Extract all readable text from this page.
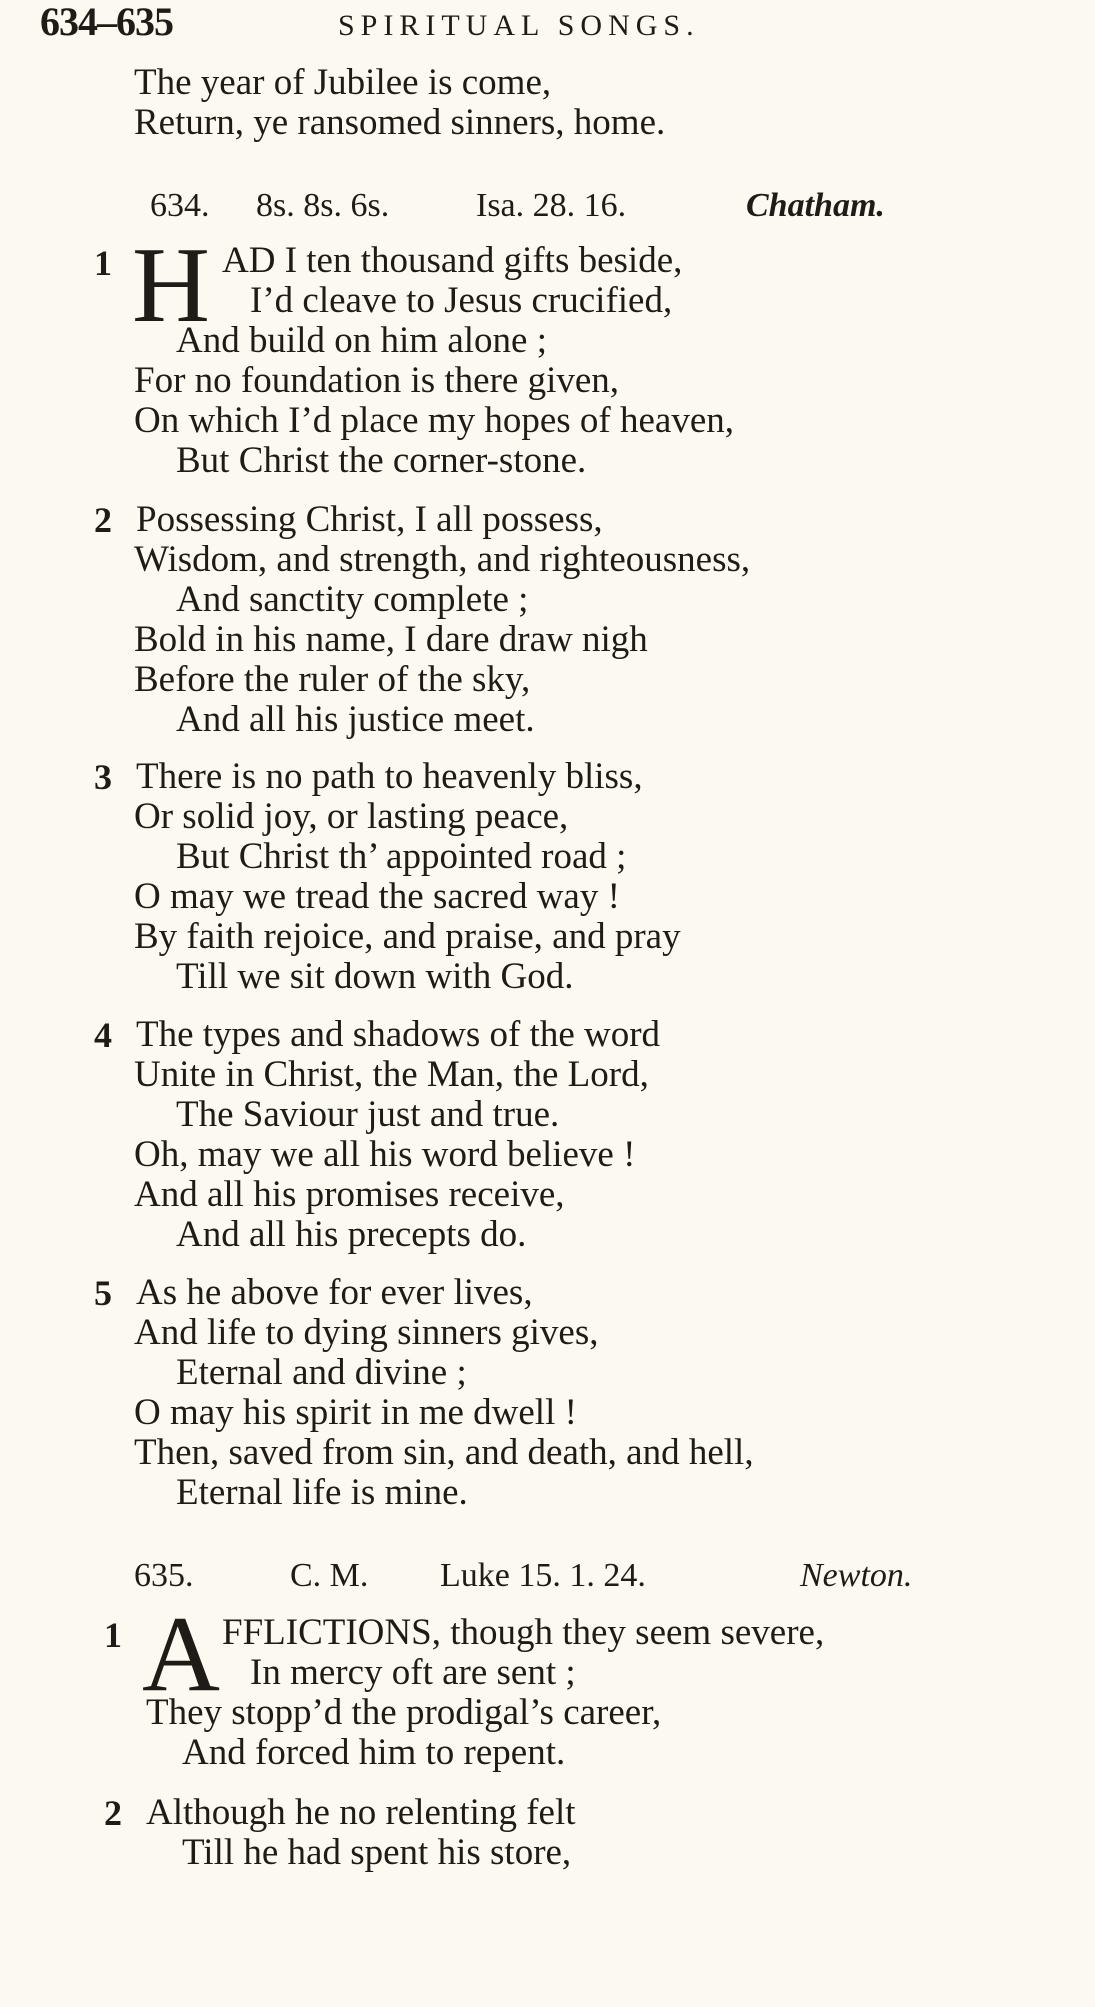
634–635	SPIRITUAL SONGS.
The year of Jubilee is come,
Return, ye ransomed sinners, home.
634. 8s. 8s. 6s.	Isa. 28. 16.	Chatham.
1 H AD I ten thousand gifts beside,
I’d cleave to Jesus crucified,
And build on him alone ;
For no foundation is there given,
On which I’d place my hopes of heaven,
But Christ the corner-stone.
2 Possessing Christ, I all possess,
Wisdom, and strength, and righteousness,
And sanctity complete ;
Bold in his name, I dare draw nigh
Before the ruler of the sky,
And all his justice meet.
3 There is no path to heavenly bliss,
Or solid joy, or lasting peace,
But Christ th’ appointed road ;
O may we tread the sacred way !
By faith rejoice, and praise, and pray
Till we sit down with God.
4 The types and shadows of the word
Unite in Christ, the Man, the Lord,
The Saviour just and true.
Oh, may we all his word believe !
And all his promises receive,
And all his precepts do.
5 As he above for ever lives,
And life to dying sinners gives,
Eternal and divine ;
O may his spirit in me dwell !
Then, saved from sin, and death, and hell,
Eternal life is mine.
635.	C. M. Luke 15. 1. 24.	Newton.
1 A FFLICTIONS, though they seem severe,
In mercy oft are sent ;
They stopp’d the prodigal’s career,
And forced him to repent.
2 Although he no relenting felt
Till he had spent his store,
